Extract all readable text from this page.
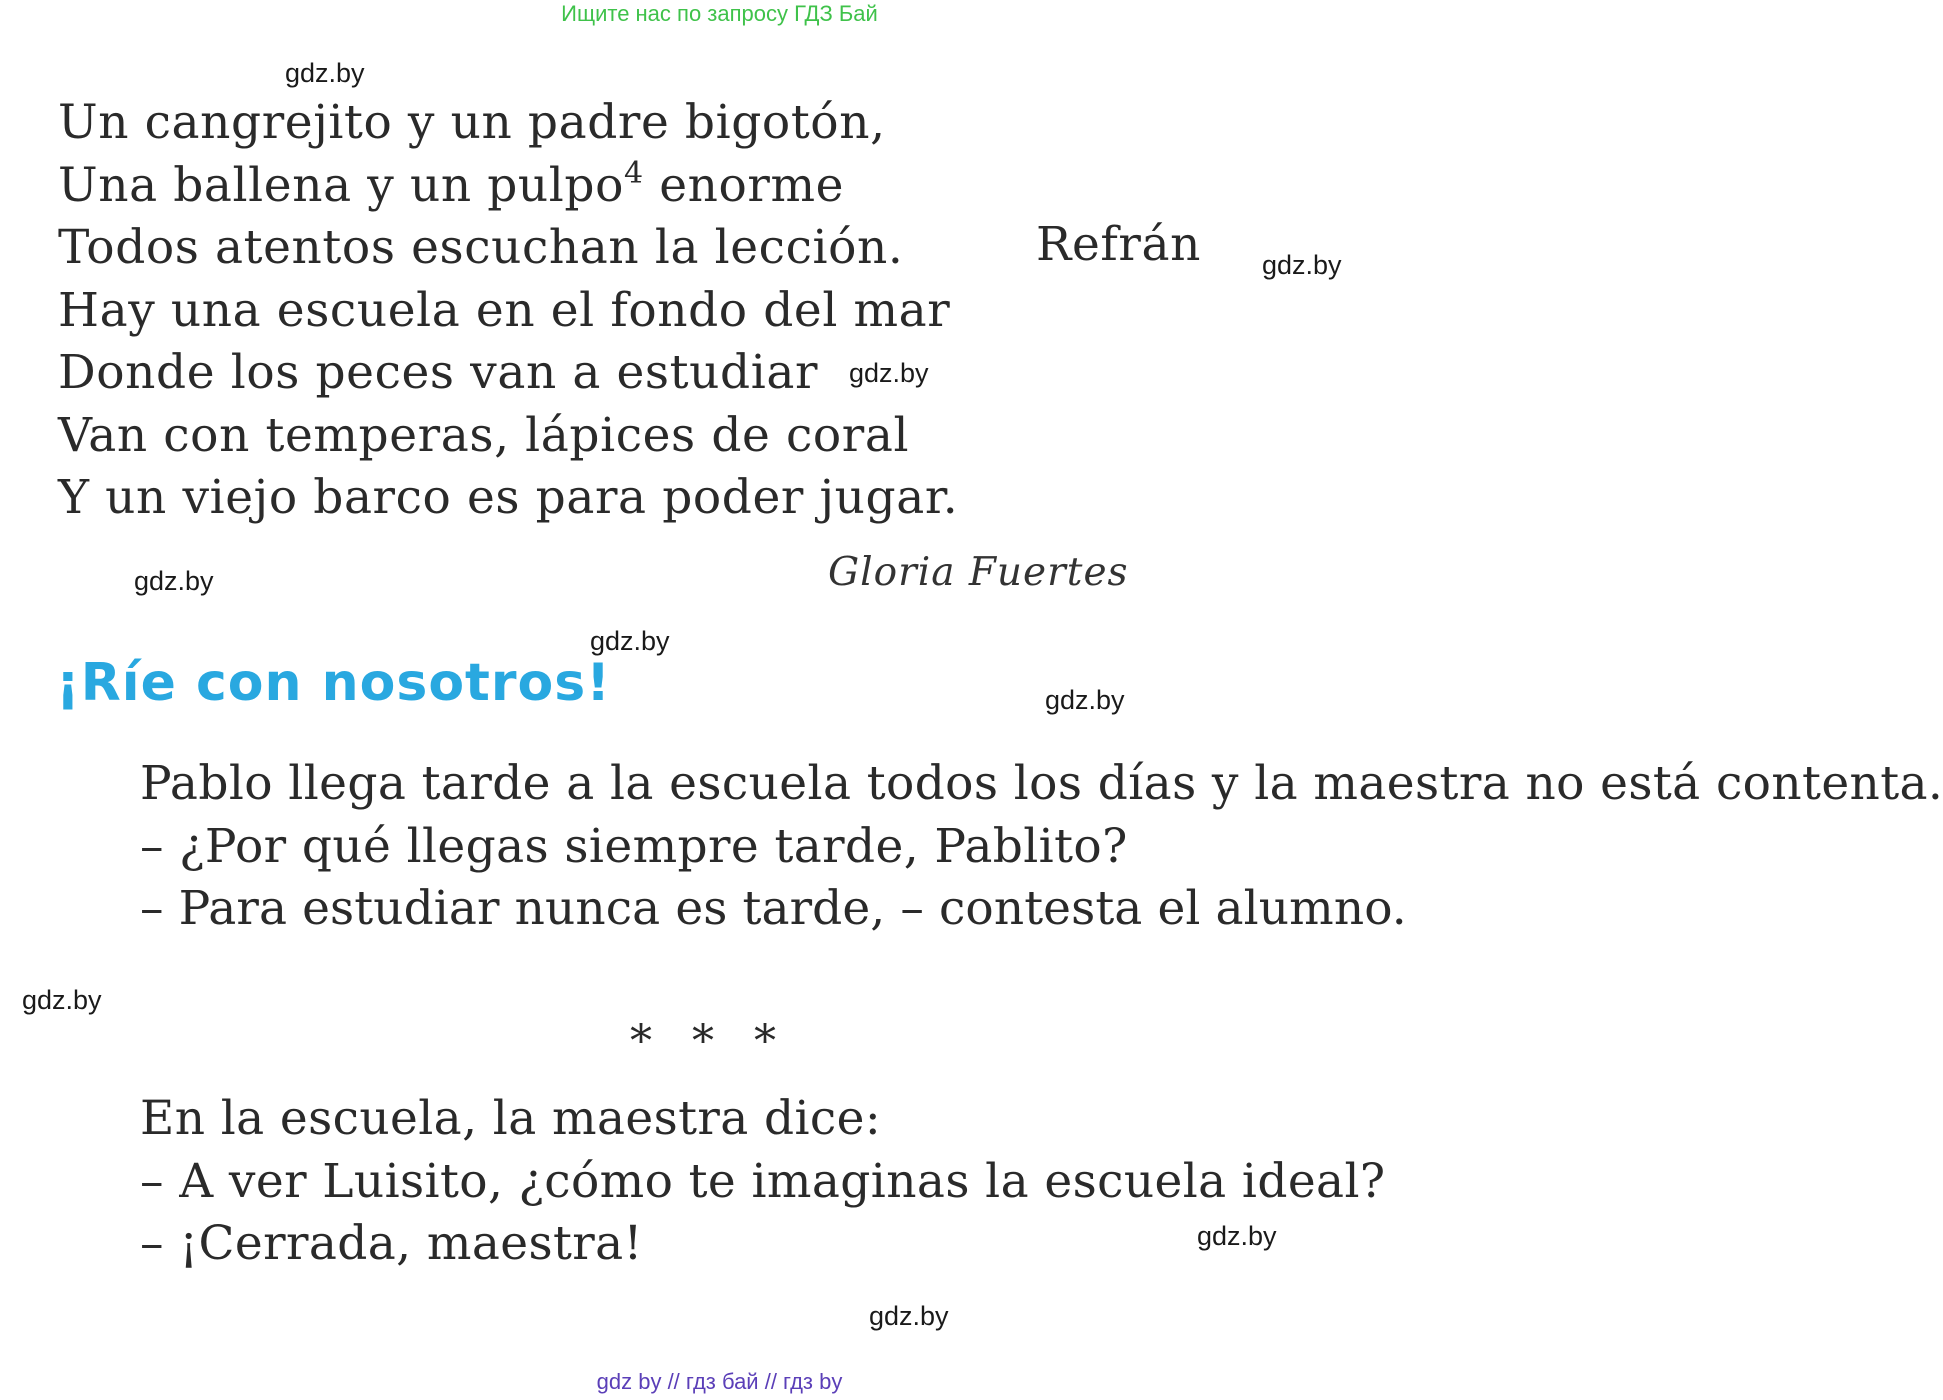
Ищите нас по запросу ГДЗ Бай
Un cangrejito y un padre bigotón,
Una ballena y un pulpo$^4$ enorme
Todos atentos escuchan la lección.
Hay una escuela en el fondo del mar
Donde los peces van a estudiar
Van con temperas, lápices de coral
Y un viejo barco es para poder jugar.
Refrán
Gloria Fuertes
¡Ríe con nosotros!

Pablo llega tarde a la escuela todos los días y la maestra no está contenta.

– ¿Por qué llegas siempre tarde, Pablito?

– Para estudiar nunca es tarde, – contesta el alumno.

* * *

En la escuela, la maestra dice:

– A ver Luisito, ¿cómo te imaginas la escuela ideal?

– ¡Cerrada, maestra!

gdz.by
gdz.by
gdz.by
gdz.by
gdz.by
gdz.by
gdz.by
gdz.by
gdz.by
gdz by // гдз бай // гдз by
